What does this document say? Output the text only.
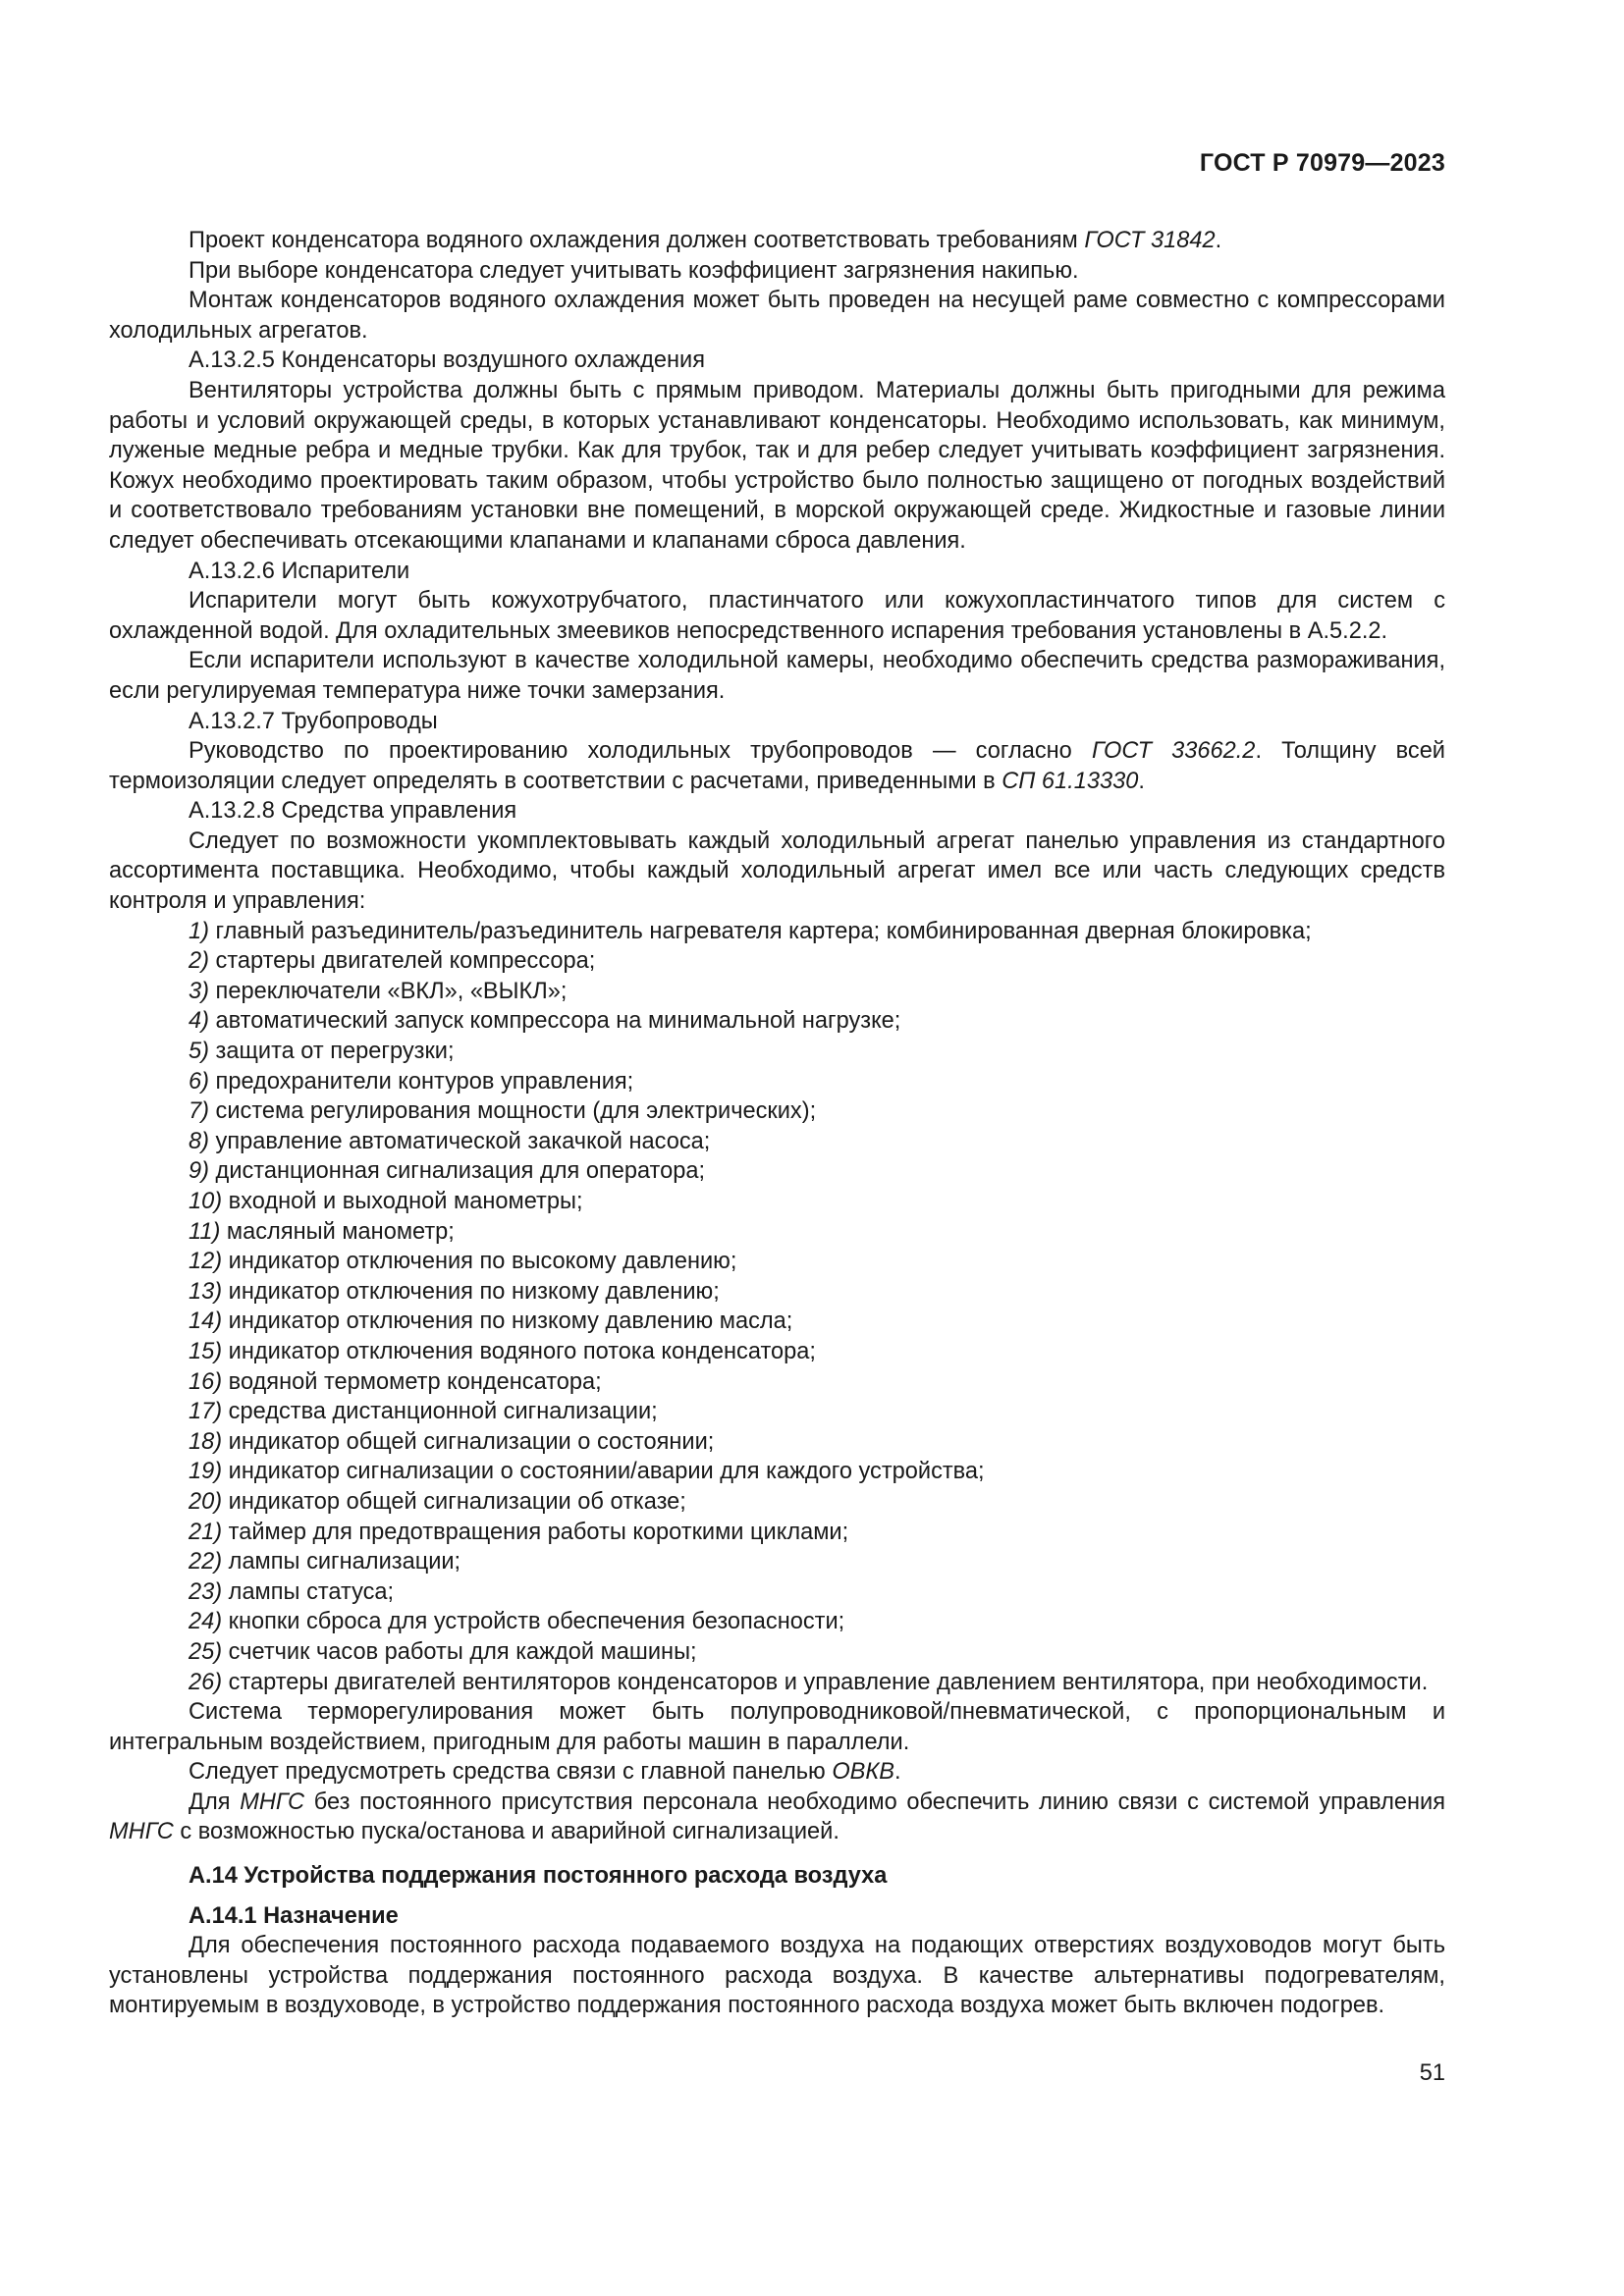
ГОСТ Р 70979—2023

Проект конденсатора водяного охлаждения должен соответствовать требованиям ГОСТ 31842.

При выборе конденсатора следует учитывать коэффициент загрязнения накипью.

Монтаж конденсаторов водяного охлаждения может быть проведен на несущей раме совместно с компрессорами холодильных агрегатов.

А.13.2.5 Конденсаторы воздушного охлаждения

Вентиляторы устройства должны быть с прямым приводом. Материалы должны быть пригодными для режима работы и условий окружающей среды, в которых устанавливают конденсаторы. Необходимо использовать, как минимум, луженые медные ребра и медные трубки. Как для трубок, так и для ребер следует учитывать коэффициент загрязнения. Кожух необходимо проектировать таким образом, чтобы устройство было полностью защищено от погодных воздействий и соответствовало требованиям установки вне помещений, в морской окружающей среде. Жидкостные и газовые линии следует обеспечивать отсекающими клапанами и клапанами сброса давления.

А.13.2.6 Испарители

Испарители могут быть кожухотрубчатого, пластинчатого или кожухопластинчатого типов для систем с охлажденной водой. Для охладительных змеевиков непосредственного испарения требования установлены в А.5.2.2.

Если испарители используют в качестве холодильной камеры, необходимо обеспечить средства размораживания, если регулируемая температура ниже точки замерзания.

А.13.2.7 Трубопроводы

Руководство по проектированию холодильных трубопроводов — согласно ГОСТ 33662.2. Толщину всей термоизоляции следует определять в соответствии с расчетами, приведенными в СП 61.13330.

А.13.2.8 Средства управления

Следует по возможности укомплектовывать каждый холодильный агрегат панелью управления из стандартного ассортимента поставщика. Необходимо, чтобы каждый холодильный агрегат имел все или часть следующих средств контроля и управления:

1) главный разъединитель/разъединитель нагревателя картера; комбинированная дверная блокировка;

2) стартеры двигателей компрессора;

3) переключатели «ВКЛ», «ВЫКЛ»;

4) автоматический запуск компрессора на минимальной нагрузке;

5) защита от перегрузки;

6) предохранители контуров управления;

7) система регулирования мощности (для электрических);

8) управление автоматической закачкой насоса;

9) дистанционная сигнализация для оператора;

10) входной и выходной манометры;

11) масляный манометр;

12) индикатор отключения по высокому давлению;

13) индикатор отключения по низкому давлению;

14) индикатор отключения по низкому давлению масла;

15) индикатор отключения водяного потока конденсатора;

16) водяной термометр конденсатора;

17) средства дистанционной сигнализации;

18) индикатор общей сигнализации о состоянии;

19) индикатор сигнализации о состоянии/аварии для каждого устройства;

20) индикатор общей сигнализации об отказе;

21) таймер для предотвращения работы короткими циклами;

22) лампы сигнализации;

23) лампы статуса;

24) кнопки сброса для устройств обеспечения безопасности;

25) счетчик часов работы для каждой машины;

26) стартеры двигателей вентиляторов конденсаторов и управление давлением вентилятора, при необходимости.

Система терморегулирования может быть полупроводниковой/пневматической, с пропорциональным и интегральным воздействием, пригодным для работы машин в параллели.

Следует предусмотреть средства связи с главной панелью ОВКВ.

Для МНГС без постоянного присутствия персонала необходимо обеспечить линию связи с системой управления МНГС с возможностью пуска/останова и аварийной сигнализацией.

А.14 Устройства поддержания постоянного расхода воздуха
А.14.1 Назначение

Для обеспечения постоянного расхода подаваемого воздуха на подающих отверстиях воздуховодов могут быть установлены устройства поддержания постоянного расхода воздуха. В качестве альтернативы подогревателям, монтируемым в воздуховоде, в устройство поддержания постоянного расхода воздуха может быть включен подогрев.

51
